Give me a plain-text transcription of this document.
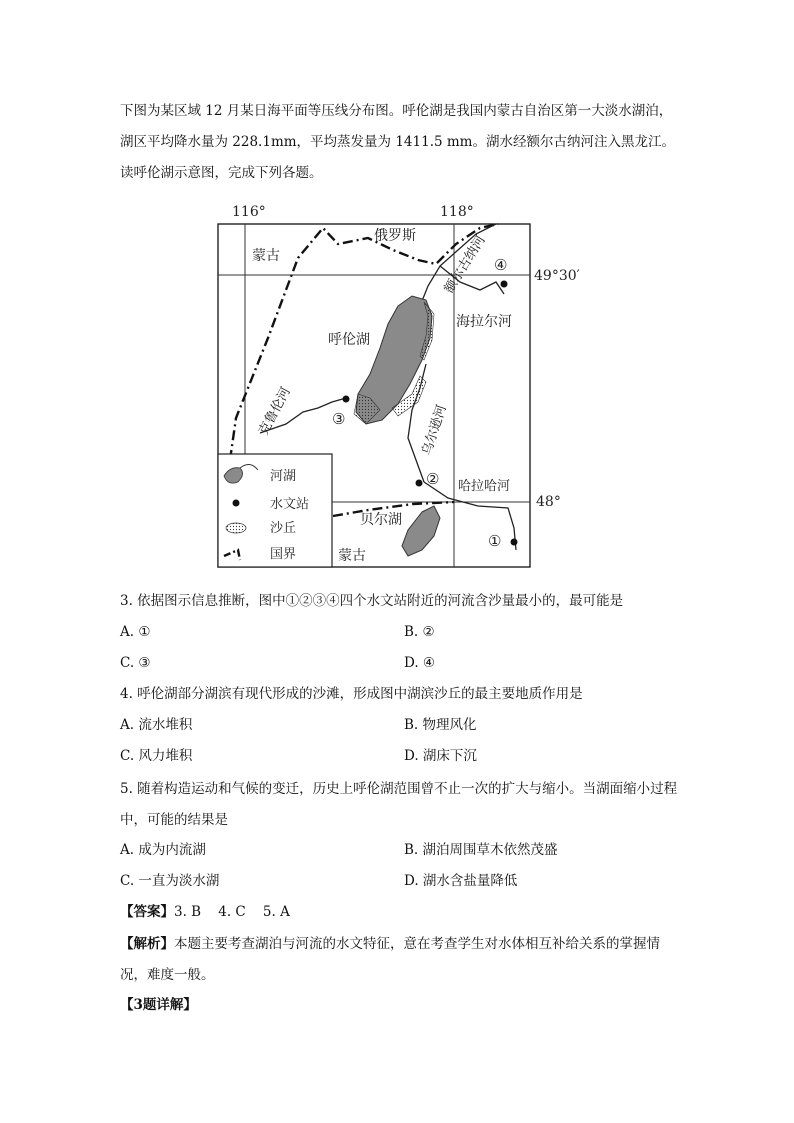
下图为某区域 12 月某日海平面等压线分布图。呼伦湖是我国内蒙古自治区第一大淡水湖泊，湖区平均降水量为 228.1mm，平均蒸发量为 1411.5 mm。湖水经额尔古纳河注入黑龙江。读呼伦湖示意图，完成下列各题。

116°	118°
49°30′
48°
③
②
①
④
蒙古
俄罗斯
呼伦湖
海拉尔河
哈拉哈河
贝尔湖
蒙古
额尔古纳河
克鲁伦河	乌尔逊河
河湖
水文站
沙丘
国界
3. 依据图示信息推断，图中①②③④四个水文站附近的河流含沙量最小的，最可能是
A. ①	B. ②
C. ③	D. ④
4. 呼伦湖部分湖滨有现代形成的沙滩，形成图中湖滨沙丘的最主要地质作用是
A. 流水堆积	B. 物理风化
C. 风力堆积	D. 湖床下沉

5. 随着构造运动和气候的变迁，历史上呼伦湖范围曾不止一次的扩大与缩小。当湖面缩小过程中，可能的结果是

A. 成为内流湖	B. 湖泊周围草木依然茂盛
C. 一直为淡水湖	D. 湖水含盐量降低
【答案】3. B    4. C    5. A

【解析】本题主要考查湖泊与河流的水文特征，意在考查学生对水体相互补给关系的掌握情况，难度一般。

【3题详解】
